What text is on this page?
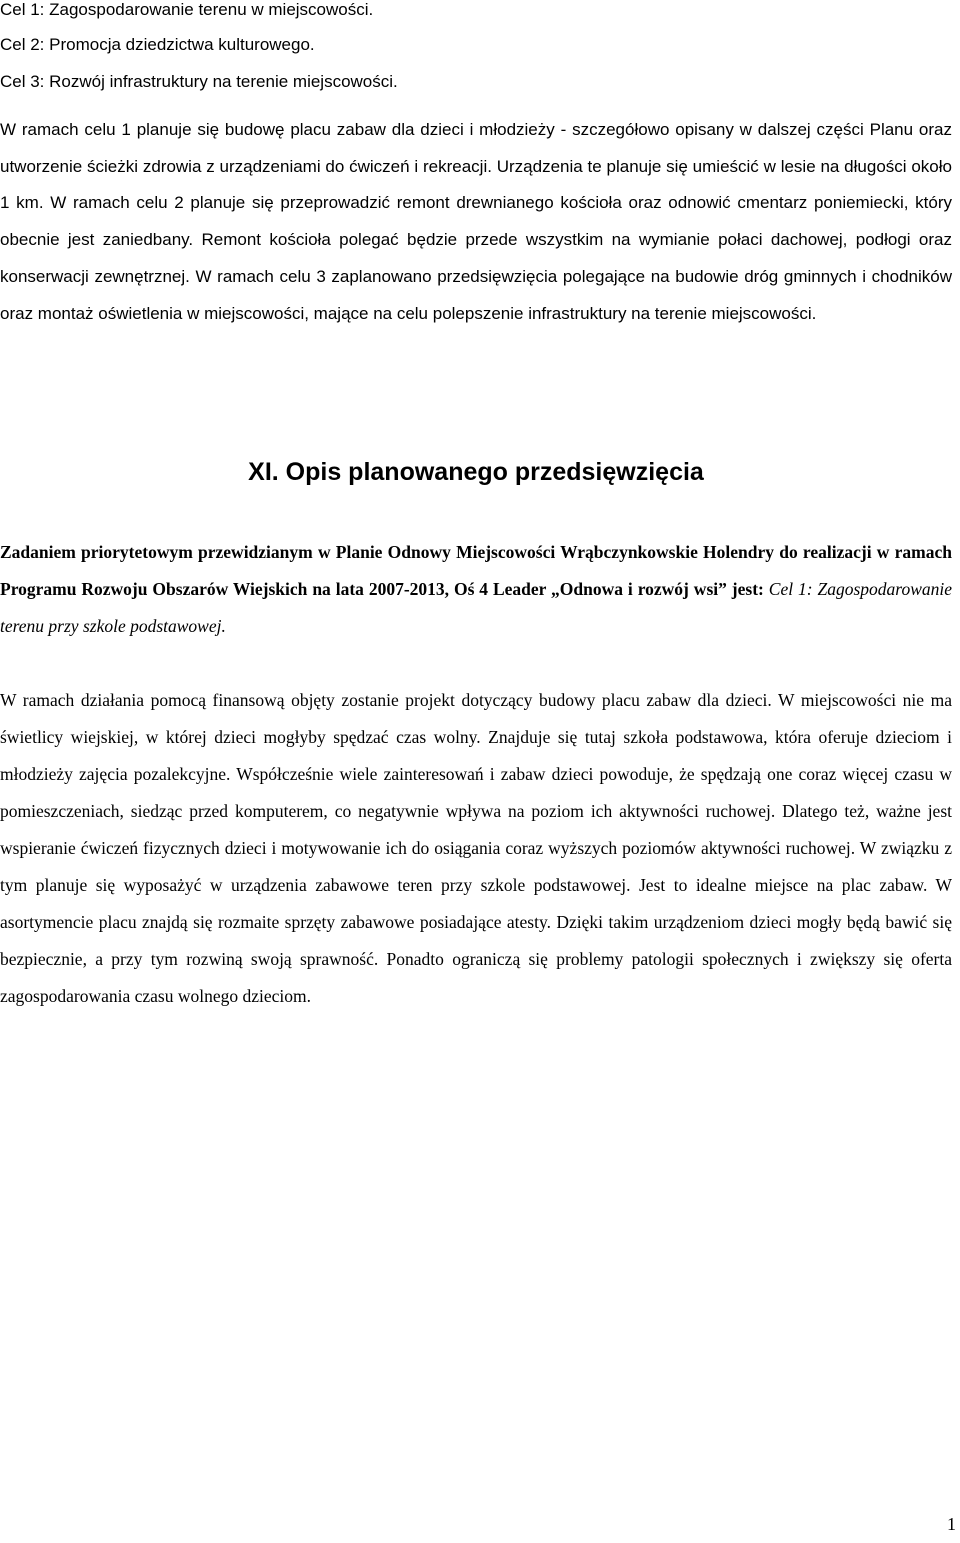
Cel 1: Zagospodarowanie terenu w miejscowości.
Cel 2: Promocja dziedzictwa kulturowego.
Cel 3: Rozwój infrastruktury na terenie miejscowości.

W ramach celu 1 planuje się budowę placu zabaw dla dzieci i młodzieży - szczegółowo opisany w dalszej części Planu oraz utworzenie ścieżki zdrowia z urządzeniami do ćwiczeń i rekreacji. Urządzenia te planuje się umieścić w lesie na długości około 1 km. W ramach celu 2 planuje się przeprowadzić remont drewnianego kościoła oraz odnowić cmentarz poniemiecki, który obecnie jest zaniedbany. Remont kościoła polegać będzie przede wszystkim na wymianie połaci dachowej, podłogi oraz konserwacji zewnętrznej. W ramach celu 3 zaplanowano przedsięwzięcia polegające na budowie dróg gminnych i chodników oraz montaż oświetlenia w miejscowości, mające na celu polepszenie infrastruktury na terenie miejscowości.

XI. Opis planowanego przedsięwzięcia

Zadaniem priorytetowym przewidzianym w Planie Odnowy Miejscowości Wrąbczynkowskie Holendry do realizacji w ramach Programu Rozwoju Obszarów Wiejskich na lata 2007-2013, Oś 4 Leader „Odnowa i rozwój wsi” jest: Cel 1: Zagospodarowanie terenu przy szkole podstawowej.

W ramach działania pomocą finansową objęty zostanie projekt dotyczący budowy placu zabaw dla dzieci. W miejscowości nie ma świetlicy wiejskiej, w której dzieci mogłyby spędzać czas wolny. Znajduje się tutaj szkoła podstawowa, która oferuje dzieciom i młodzieży zajęcia pozalekcyjne. Współcześnie wiele zainteresowań i zabaw dzieci powoduje, że spędzają one coraz więcej czasu w pomieszczeniach, siedząc przed komputerem, co negatywnie wpływa na poziom ich aktywności ruchowej. Dlatego też, ważne jest wspieranie ćwiczeń fizycznych dzieci i motywowanie ich do osiągania coraz wyższych poziomów aktywności ruchowej. W związku z tym planuje się wyposażyć w urządzenia zabawowe teren przy szkole podstawowej. Jest to idealne miejsce na plac zabaw. W asortymencie placu znajdą się rozmaite sprzęty zabawowe posiadające atesty. Dzięki takim urządzeniom dzieci mogły będą bawić się bezpiecznie, a przy tym rozwiną swoją sprawność. Ponadto ograniczą się problemy patologii społecznych i zwiększy się oferta zagospodarowania czasu wolnego dzieciom.

1
